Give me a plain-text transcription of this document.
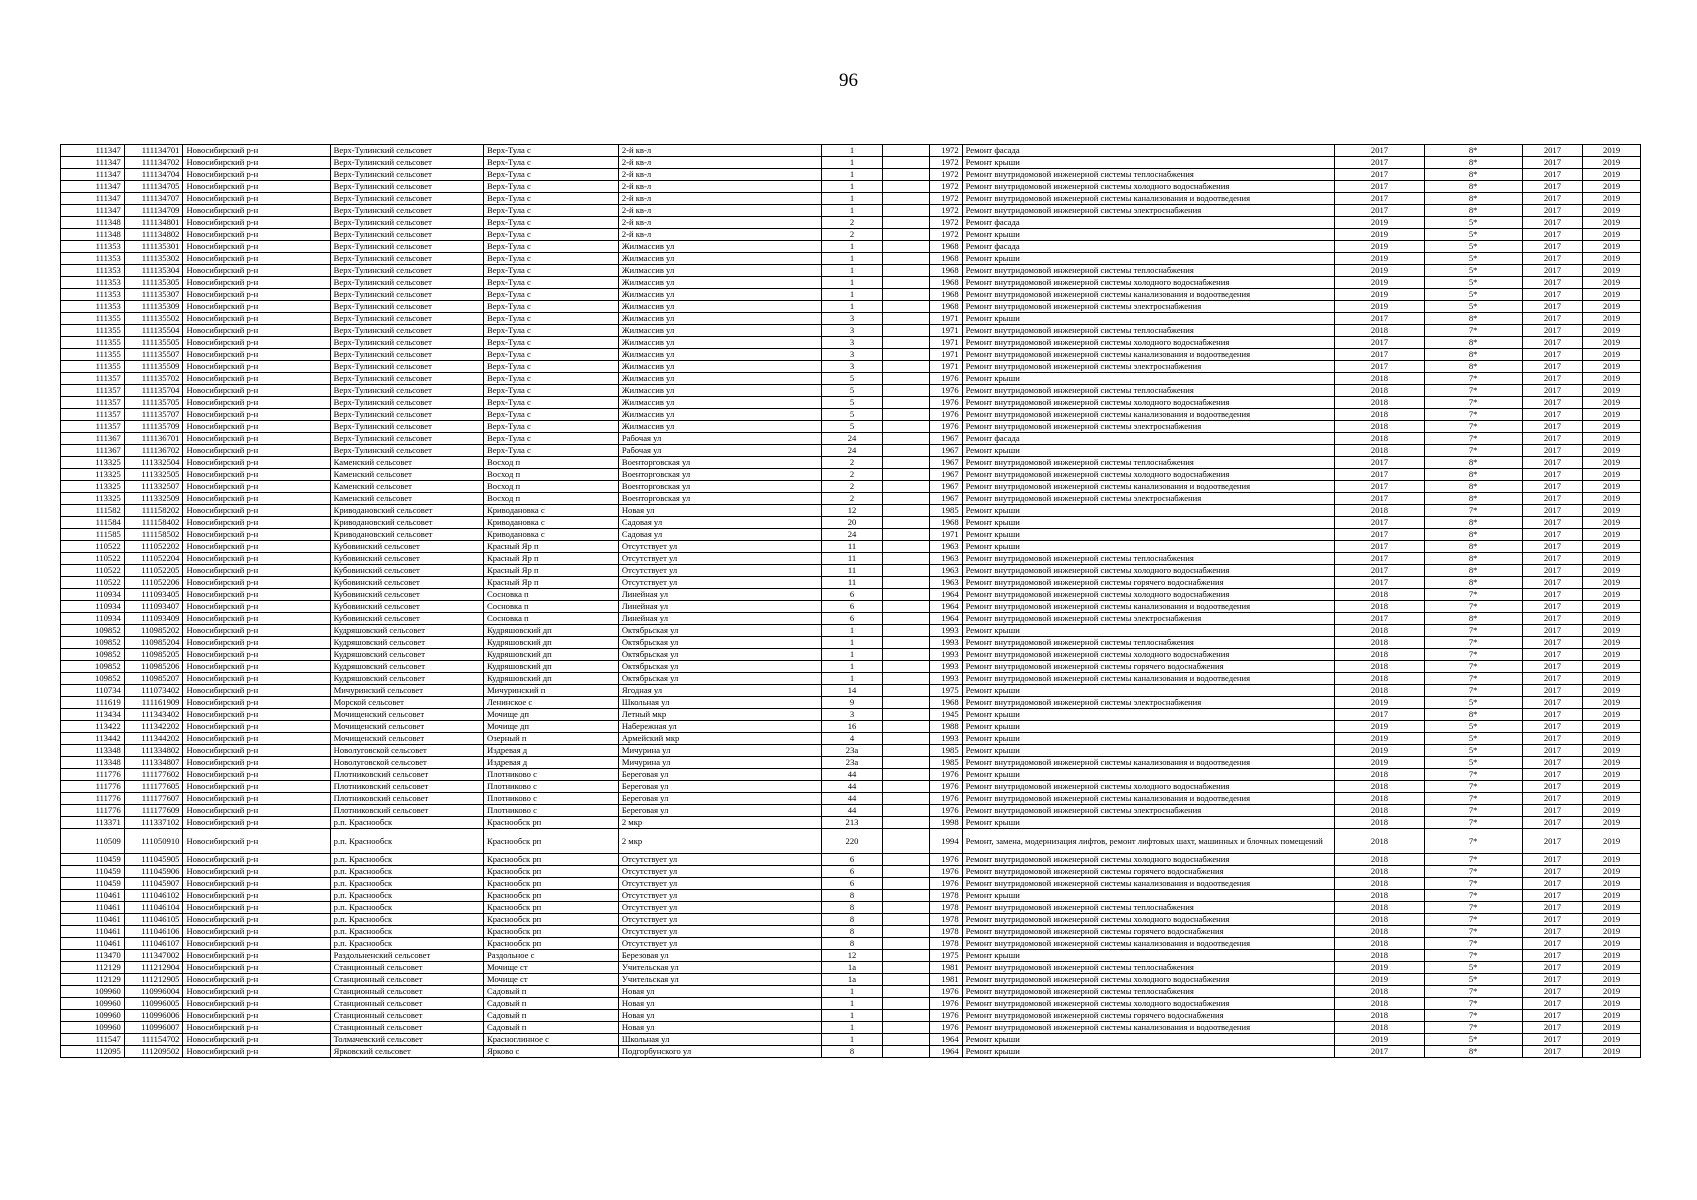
96
111347	111134701	Новосибирский р-н	Верх-Тулинский сельсовет	Верх-Тула с	2-й кв-л	1		1972	Ремонт фасада	2017	8*	2017	2019
111347	111134702	Новосибирский р-н	Верх-Тулинский сельсовет	Верх-Тула с	2-й кв-л	1		1972	Ремонт крыши	2017	8*	2017	2019
111347	111134704	Новосибирский р-н	Верх-Тулинский сельсовет	Верх-Тула с	2-й кв-л	1		1972	Ремонт внутридомовой инженерной системы теплоснабжения	2017	8*	2017	2019
111347	111134705	Новосибирский р-н	Верх-Тулинский сельсовет	Верх-Тула с	2-й кв-л	1		1972	Ремонт внутридомовой инженерной системы холодного водоснабжения	2017	8*	2017	2019
111347	111134707	Новосибирский р-н	Верх-Тулинский сельсовет	Верх-Тула с	2-й кв-л	1		1972	Ремонт внутридомовой инженерной системы канализования и водоотведения	2017	8*	2017	2019
111347	111134709	Новосибирский р-н	Верх-Тулинский сельсовет	Верх-Тула с	2-й кв-л	1		1972	Ремонт внутридомовой инженерной системы электроснабжения	2017	8*	2017	2019
111348	111134801	Новосибирский р-н	Верх-Тулинский сельсовет	Верх-Тула с	2-й кв-л	2		1972	Ремонт фасада	2019	5*	2017	2019
111348	111134802	Новосибирский р-н	Верх-Тулинский сельсовет	Верх-Тула с	2-й кв-л	2		1972	Ремонт крыши	2019	5*	2017	2019
111353	111135301	Новосибирский р-н	Верх-Тулинский сельсовет	Верх-Тула с	Жилмассив ул	1		1968	Ремонт фасада	2019	5*	2017	2019
111353	111135302	Новосибирский р-н	Верх-Тулинский сельсовет	Верх-Тула с	Жилмассив ул	1		1968	Ремонт крыши	2019	5*	2017	2019
111353	111135304	Новосибирский р-н	Верх-Тулинский сельсовет	Верх-Тула с	Жилмассив ул	1		1968	Ремонт внутридомовой инженерной системы теплоснабжения	2019	5*	2017	2019
111353	111135305	Новосибирский р-н	Верх-Тулинский сельсовет	Верх-Тула с	Жилмассив ул	1		1968	Ремонт внутридомовой инженерной системы холодного водоснабжения	2019	5*	2017	2019
111353	111135307	Новосибирский р-н	Верх-Тулинский сельсовет	Верх-Тула с	Жилмассив ул	1		1968	Ремонт внутридомовой инженерной системы канализования и водоотведения	2019	5*	2017	2019
111353	111135309	Новосибирский р-н	Верх-Тулинский сельсовет	Верх-Тула с	Жилмассив ул	1		1968	Ремонт внутридомовой инженерной системы электроснабжения	2019	5*	2017	2019
111355	111135502	Новосибирский р-н	Верх-Тулинский сельсовет	Верх-Тула с	Жилмассив ул	3		1971	Ремонт крыши	2017	8*	2017	2019
111355	111135504	Новосибирский р-н	Верх-Тулинский сельсовет	Верх-Тула с	Жилмассив ул	3		1971	Ремонт внутридомовой инженерной системы теплоснабжения	2018	7*	2017	2019
111355	111135505	Новосибирский р-н	Верх-Тулинский сельсовет	Верх-Тула с	Жилмассив ул	3		1971	Ремонт внутридомовой инженерной системы холодного водоснабжения	2017	8*	2017	2019
111355	111135507	Новосибирский р-н	Верх-Тулинский сельсовет	Верх-Тула с	Жилмассив ул	3		1971	Ремонт внутридомовой инженерной системы канализования и водоотведения	2017	8*	2017	2019
111355	111135509	Новосибирский р-н	Верх-Тулинский сельсовет	Верх-Тула с	Жилмассив ул	3		1971	Ремонт внутридомовой инженерной системы электроснабжения	2017	8*	2017	2019
111357	111135702	Новосибирский р-н	Верх-Тулинский сельсовет	Верх-Тула с	Жилмассив ул	5		1976	Ремонт крыши	2018	7*	2017	2019
111357	111135704	Новосибирский р-н	Верх-Тулинский сельсовет	Верх-Тула с	Жилмассив ул	5		1976	Ремонт внутридомовой инженерной системы теплоснабжения	2018	7*	2017	2019
111357	111135705	Новосибирский р-н	Верх-Тулинский сельсовет	Верх-Тула с	Жилмассив ул	5		1976	Ремонт внутридомовой инженерной системы холодного водоснабжения	2018	7*	2017	2019
111357	111135707	Новосибирский р-н	Верх-Тулинский сельсовет	Верх-Тула с	Жилмассив ул	5		1976	Ремонт внутридомовой инженерной системы канализования и водоотведения	2018	7*	2017	2019
111357	111135709	Новосибирский р-н	Верх-Тулинский сельсовет	Верх-Тула с	Жилмассив ул	5		1976	Ремонт внутридомовой инженерной системы электроснабжения	2018	7*	2017	2019
111367	111136701	Новосибирский р-н	Верх-Тулинский сельсовет	Верх-Тула с	Рабочая ул	24		1967	Ремонт фасада	2018	7*	2017	2019
111367	111136702	Новосибирский р-н	Верх-Тулинский сельсовет	Верх-Тула с	Рабочая ул	24		1967	Ремонт крыши	2018	7*	2017	2019
113325	111332504	Новосибирский р-н	Каменский сельсовет	Восход п	Военторговская ул	2		1967	Ремонт внутридомовой инженерной системы теплоснабжения	2017	8*	2017	2019
113325	111332505	Новосибирский р-н	Каменский сельсовет	Восход п	Военторговская ул	2		1967	Ремонт внутридомовой инженерной системы холодного водоснабжения	2017	8*	2017	2019
113325	111332507	Новосибирский р-н	Каменский сельсовет	Восход п	Военторговская ул	2		1967	Ремонт внутридомовой инженерной системы канализования и водоотведения	2017	8*	2017	2019
113325	111332509	Новосибирский р-н	Каменский сельсовет	Восход п	Военторговская ул	2		1967	Ремонт внутридомовой инженерной системы электроснабжения	2017	8*	2017	2019
111582	111158202	Новосибирский р-н	Криводановский сельсовет	Криводановка с	Новая ул	12		1985	Ремонт крыши	2018	7*	2017	2019
111584	111158402	Новосибирский р-н	Криводановский сельсовет	Криводановка с	Садовая ул	20		1968	Ремонт крыши	2017	8*	2017	2019
111585	111158502	Новосибирский р-н	Криводановский сельсовет	Криводановка с	Садовая ул	24		1971	Ремонт крыши	2017	8*	2017	2019
110522	111052202	Новосибирский р-н	Кубовинский сельсовет	Красный Яр п	Отсутствует ул	11		1963	Ремонт крыши	2017	8*	2017	2019
110522	111052204	Новосибирский р-н	Кубовинский сельсовет	Красный Яр п	Отсутствует ул	11		1963	Ремонт внутридомовой инженерной системы теплоснабжения	2017	8*	2017	2019
110522	111052205	Новосибирский р-н	Кубовинский сельсовет	Красный Яр п	Отсутствует ул	11		1963	Ремонт внутридомовой инженерной системы холодного водоснабжения	2017	8*	2017	2019
110522	111052206	Новосибирский р-н	Кубовинский сельсовет	Красный Яр п	Отсутствует ул	11		1963	Ремонт внутридомовой инженерной системы горячего водоснабжения	2017	8*	2017	2019
110934	111093405	Новосибирский р-н	Кубовинский сельсовет	Сосновка п	Линейная ул	6		1964	Ремонт внутридомовой инженерной системы холодного водоснабжения	2018	7*	2017	2019
110934	111093407	Новосибирский р-н	Кубовинский сельсовет	Сосновка п	Линейная ул	6		1964	Ремонт внутридомовой инженерной системы канализования и водоотведения	2018	7*	2017	2019
110934	111093409	Новосибирский р-н	Кубовинский сельсовет	Сосновка п	Линейная ул	6		1964	Ремонт внутридомовой инженерной системы электроснабжения	2017	8*	2017	2019
109852	110985202	Новосибирский р-н	Кудряшовский сельсовет	Кудряшовский дп	Октябрьская ул	1		1993	Ремонт крыши	2018	7*	2017	2019
109852	110985204	Новосибирский р-н	Кудряшовский сельсовет	Кудряшовский дп	Октябрьская ул	1		1993	Ремонт внутридомовой инженерной системы теплоснабжения	2018	7*	2017	2019
109852	110985205	Новосибирский р-н	Кудряшовский сельсовет	Кудряшовский дп	Октябрьская ул	1		1993	Ремонт внутридомовой инженерной системы холодного водоснабжения	2018	7*	2017	2019
109852	110985206	Новосибирский р-н	Кудряшовский сельсовет	Кудряшовский дп	Октябрьская ул	1		1993	Ремонт внутридомовой инженерной системы горячего водоснабжения	2018	7*	2017	2019
109852	110985207	Новосибирский р-н	Кудряшовский сельсовет	Кудряшовский дп	Октябрьская ул	1		1993	Ремонт внутридомовой инженерной системы канализования и водоотведения	2018	7*	2017	2019
110734	111073402	Новосибирский р-н	Мичуринский сельсовет	Мичуринский п	Ягодная ул	14		1975	Ремонт крыши	2018	7*	2017	2019
111619	111161909	Новосибирский р-н	Морской сельсовет	Ленинское с	Школьная ул	9		1968	Ремонт внутридомовой инженерной системы электроснабжения	2019	5*	2017	2019
113434	111343402	Новосибирский р-н	Мочищенский сельсовет	Мочище дп	Летный мкр	3		1945	Ремонт крыши	2017	8*	2017	2019
113422	111342202	Новосибирский р-н	Мочищенский сельсовет	Мочище дп	Набережная ул	16		1988	Ремонт крыши	2019	5*	2017	2019
113442	111344202	Новосибирский р-н	Мочищенский сельсовет	Озерный п	Армейский мкр	4		1993	Ремонт крыши	2019	5*	2017	2019
113348	111334802	Новосибирский р-н	Новолуговской сельсовет	Издревая д	Мичурина ул	23а		1985	Ремонт крыши	2019	5*	2017	2019
113348	111334807	Новосибирский р-н	Новолуговской сельсовет	Издревая д	Мичурина ул	23а		1985	Ремонт внутридомовой инженерной системы канализования и водоотведения	2019	5*	2017	2019
111776	111177602	Новосибирский р-н	Плотниковский сельсовет	Плотниково с	Береговая ул	44		1976	Ремонт крыши	2018	7*	2017	2019
111776	111177605	Новосибирский р-н	Плотниковский сельсовет	Плотниково с	Береговая ул	44		1976	Ремонт внутридомовой инженерной системы холодного водоснабжения	2018	7*	2017	2019
111776	111177607	Новосибирский р-н	Плотниковский сельсовет	Плотниково с	Береговая ул	44		1976	Ремонт внутридомовой инженерной системы канализования и водоотведения	2018	7*	2017	2019
111776	111177609	Новосибирский р-н	Плотниковский сельсовет	Плотниково с	Береговая ул	44		1976	Ремонт внутридомовой инженерной системы электроснабжения	2018	7*	2017	2019
113371	111337102	Новосибирский р-н	р.п. Краснообск	Краснообск рп	2 мкр	213		1998	Ремонт крыши	2018	7*	2017	2019
110509	111050910	Новосибирский р-н	р.п. Краснообск	Краснообск рп	2 мкр	220		1994	Ремонт, замена, модернизация лифтов, ремонт лифтовых шахт, машинных и блочных помещений	2018	7*	2017	2019
110459	111045905	Новосибирский р-н	р.п. Краснообск	Краснообск рп	Отсутствует ул	6		1976	Ремонт внутридомовой инженерной системы холодного водоснабжения	2018	7*	2017	2019
110459	111045906	Новосибирский р-н	р.п. Краснообск	Краснообск рп	Отсутствует ул	6		1976	Ремонт внутридомовой инженерной системы горячего водоснабжения	2018	7*	2017	2019
110459	111045907	Новосибирский р-н	р.п. Краснообск	Краснообск рп	Отсутствует ул	6		1976	Ремонт внутридомовой инженерной системы канализования и водоотведения	2018	7*	2017	2019
110461	111046102	Новосибирский р-н	р.п. Краснообск	Краснообск рп	Отсутствует ул	8		1978	Ремонт крыши	2018	7*	2017	2019
110461	111046104	Новосибирский р-н	р.п. Краснообск	Краснообск рп	Отсутствует ул	8		1978	Ремонт внутридомовой инженерной системы теплоснабжения	2018	7*	2017	2019
110461	111046105	Новосибирский р-н	р.п. Краснообск	Краснообск рп	Отсутствует ул	8		1978	Ремонт внутридомовой инженерной системы холодного водоснабжения	2018	7*	2017	2019
110461	111046106	Новосибирский р-н	р.п. Краснообск	Краснообск рп	Отсутствует ул	8		1978	Ремонт внутридомовой инженерной системы горячего водоснабжения	2018	7*	2017	2019
110461	111046107	Новосибирский р-н	р.п. Краснообск	Краснообск рп	Отсутствует ул	8		1978	Ремонт внутридомовой инженерной системы канализования и водоотведения	2018	7*	2017	2019
113470	111347002	Новосибирский р-н	Раздольненский сельсовет	Раздольное с	Березовая ул	12		1975	Ремонт крыши	2018	7*	2017	2019
112129	111212904	Новосибирский р-н	Станционный сельсовет	Мочище ст	Учительская ул	1а		1981	Ремонт внутридомовой инженерной системы теплоснабжения	2019	5*	2017	2019
112129	111212905	Новосибирский р-н	Станционный сельсовет	Мочище ст	Учительская ул	1а		1981	Ремонт внутридомовой инженерной системы холодного водоснабжения	2019	5*	2017	2019
109960	110996004	Новосибирский р-н	Станционный сельсовет	Садовый п	Новая ул	1		1976	Ремонт внутридомовой инженерной системы теплоснабжения	2018	7*	2017	2019
109960	110996005	Новосибирский р-н	Станционный сельсовет	Садовый п	Новая ул	1		1976	Ремонт внутридомовой инженерной системы холодного водоснабжения	2018	7*	2017	2019
109960	110996006	Новосибирский р-н	Станционный сельсовет	Садовый п	Новая ул	1		1976	Ремонт внутридомовой инженерной системы горячего водоснабжения	2018	7*	2017	2019
109960	110996007	Новосибирский р-н	Станционный сельсовет	Садовый п	Новая ул	1		1976	Ремонт внутридомовой инженерной системы канализования и водоотведения	2018	7*	2017	2019
111547	111154702	Новосибирский р-н	Толмачевский сельсовет	Красноглинное с	Школьная ул	1		1964	Ремонт крыши	2019	5*	2017	2019
112095	111209502	Новосибирский р-н	Ярковский сельсовет	Ярково с	Подгорбунского ул	8		1964	Ремонт крыши	2017	8*	2017	2019
